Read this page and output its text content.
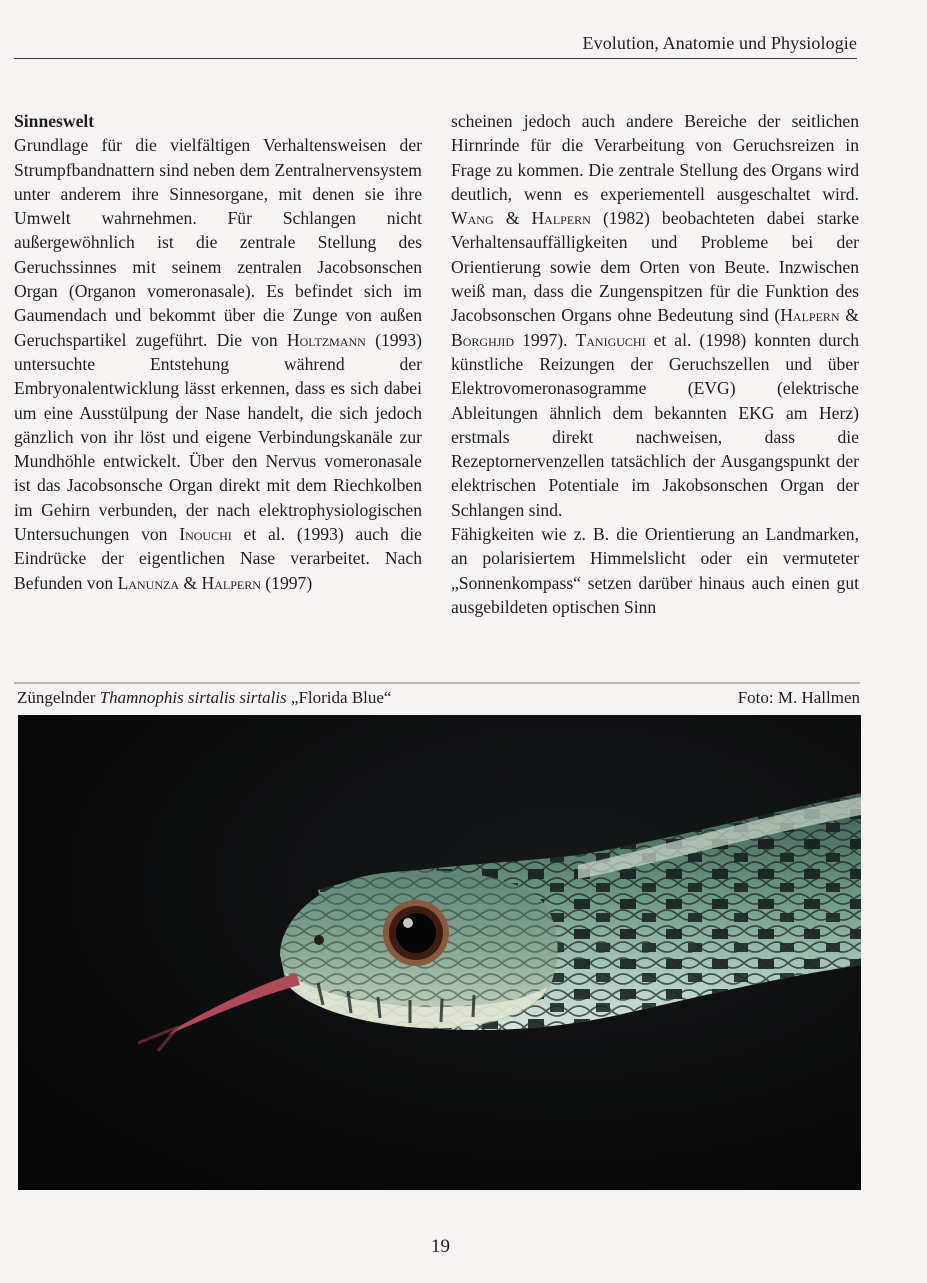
Evolution, Anatomie und Physiologie

Sinneswelt
Grundlage für die vielfältigen Verhaltensweisen der Strumpfbandnattern sind neben dem Zentralnervensystem unter anderem ihre Sinnesorgane, mit denen sie ihre Umwelt wahrnehmen. Für Schlangen nicht außergewöhnlich ist die zentrale Stellung des Geruchssinnes mit seinem zentralen Jacobsonschen Organ (Organon vomeronasale). Es befindet sich im Gaumendach und bekommt über die Zunge von außen Geruchspartikel zugeführt. Die von Holtzmann (1993) untersuchte Entstehung während der Embryonalentwicklung lässt erkennen, dass es sich dabei um eine Ausstülpung der Nase handelt, die sich jedoch gänzlich von ihr löst und eigene Verbindungskanäle zur Mundhöhle entwickelt. Über den Nervus vomeronasale ist das Jacobsonsche Organ direkt mit dem Riechkolben im Gehirn verbunden, der nach elektrophysiologischen Untersuchungen von Inouchi et al. (1993) auch die Eindrücke der eigentlichen Nase verarbeitet. Nach Befunden von Lanunza & Halpern (1997)

scheinen jedoch auch andere Bereiche der seitlichen Hirnrinde für die Verarbeitung von Geruchsreizen in Frage zu kommen. Die zentrale Stellung des Organs wird deutlich, wenn es experiementell ausgeschaltet wird. Wang & Halpern (1982) beobachteten dabei starke Verhaltensauffälligkeiten und Probleme bei der Orientierung sowie dem Orten von Beute. Inzwischen weiß man, dass die Zungenspitzen für die Funktion des Jacobsonschen Organs ohne Bedeutung sind (Halpern & Borghjid 1997). Taniguchi et al. (1998) konnten durch künstliche Reizungen der Geruchszellen und über Elektrovomeronasogramme (EVG) (elektrische Ableitungen ähnlich dem bekannten EKG am Herz) erstmals direkt nachweisen, dass die Rezeptornervenzellen tatsächlich der Ausgangspunkt der elektrischen Potentiale im Jakobsonschen Organ der Schlangen sind.

Fähigkeiten wie z. B. die Orientierung an Landmarken, an polarisiertem Himmelslicht oder ein vermuteter „Sonnenkompass“ setzen darüber hinaus auch einen gut ausgebildeten optischen Sinn

Züngelnder Thamnophis sirtalis sirtalis „Florida Blue“	Foto: M. Hallmen
19
